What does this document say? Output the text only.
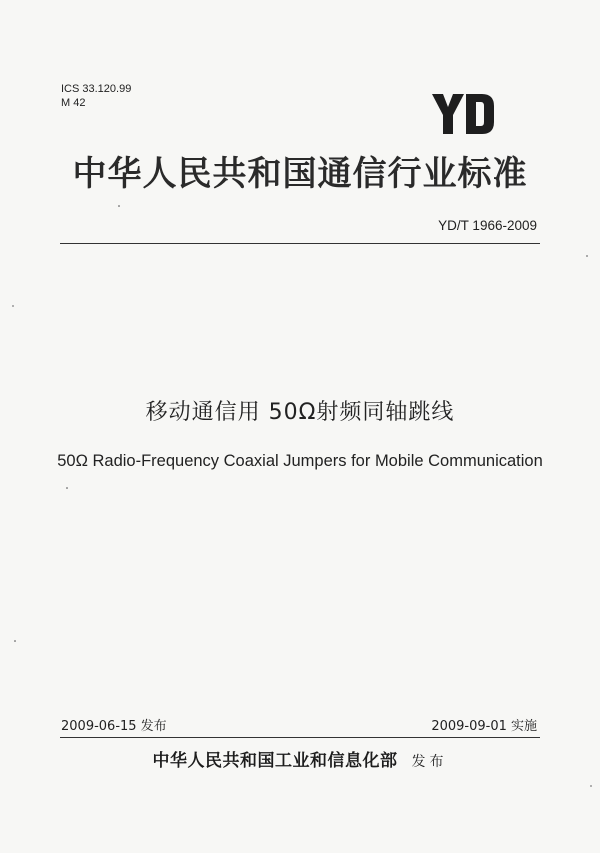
ICS 33.120.99
M 42
中华人民共和国通信行业标准
YD/T 1966-2009
移动通信用 50Ω射频同轴跳线
50Ω Radio-Frequency Coaxial Jumpers for Mobile Communication
2009-06-15 发布	2009-09-01 实施
中华人民共和国工业和信息化部 发布
